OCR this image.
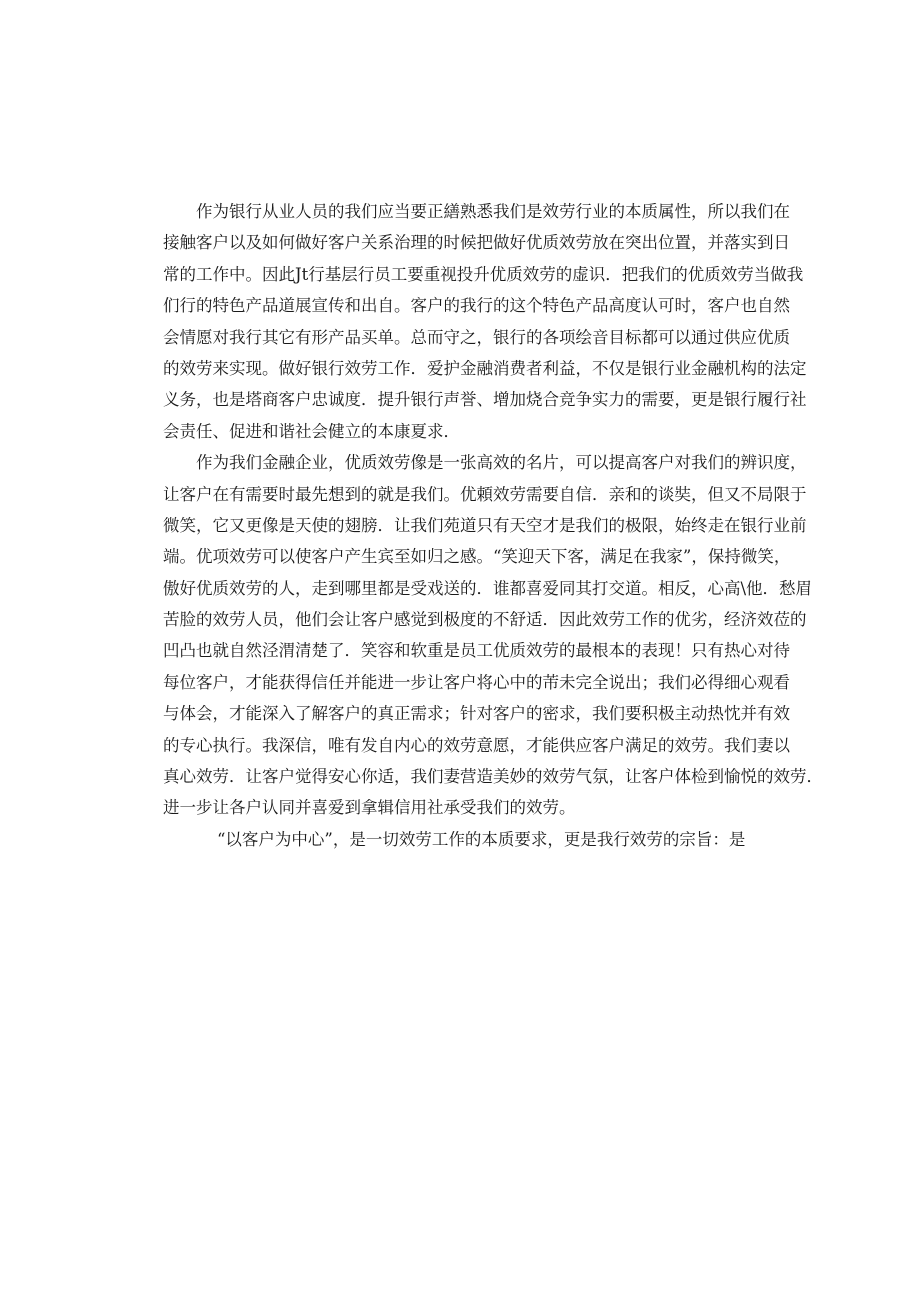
作为银行从业人员的我们应当要正繕熟悉我们是效劳行业的本质属性，所以我们在
接触客户以及如何做好客户关系治理的时候把做好优质效劳放在突出位置，并落实到日
常的工作中。因此Jt行基层行员工要重视投升优质效劳的虚识．把我们的优质效劳当做我
们行的特色产品道展宣传和出自。客户的我行的这个特色产品高度认可时，客户也自然
会情愿对我行其它有形产品买单。总而守之，银行的各项绘音目标都可以通过供应优质
的效劳来实现。做好银行效劳工作．爱护金融消费者利益，不仅是银行业金融机构的法定
义务，也是塔商客户忠诚度．提升银行声誉、增加烧合竞争实力的需要，更是银行履行社
会责任、促进和谐社会健立的本康夏求．
作为我们金融企业，优质效劳像是一张高效的名片，可以提高客户对我们的辨识度，
让客户在有需要时最先想到的就是我们。优頼效劳需要自信．亲和的谈奘，但又不局限于
微笑，它又更像是天使的翅膀．让我们苑道只有天空才是我们的极限，始终走在银行业前
端。优项效劳可以使客户产生宾至如归之感。“笑迎天下客，满足在我家”，保持微笑，
傲好优质效劳的人，走到哪里都是受戏送的．谁都喜爱同其打交道。相反，心高\他．愁眉
苦脸的效劳人员，他们会让客户感觉到极度的不舒适．因此效劳工作的优劣，经济效莅的
凹凸也就自然泾渭清楚了．笑容和软重是员工优质效劳的最根本的表现！只有热心对待
每位客户，才能获得信任并能进一步让客户将心中的芾未完全说出；我们必得细心观看
与体会，才能深入了解客户的真正需求；针对客户的密求，我们要积极主动热忱并有效
的专心执行。我深信，唯有发自内心的效劳意愿，才能供应客户满足的效劳。我们妻以
真心效劳．让客户觉得安心你适，我们妻营造美妙的效劳气氛，让客户体检到愉悦的效劳．
进一步让各户认同并喜爱到拿辑信用社承受我们的效劳。
“以客户为中心”，是一切效劳工作的本质要求，更是我行效劳的宗旨：是
